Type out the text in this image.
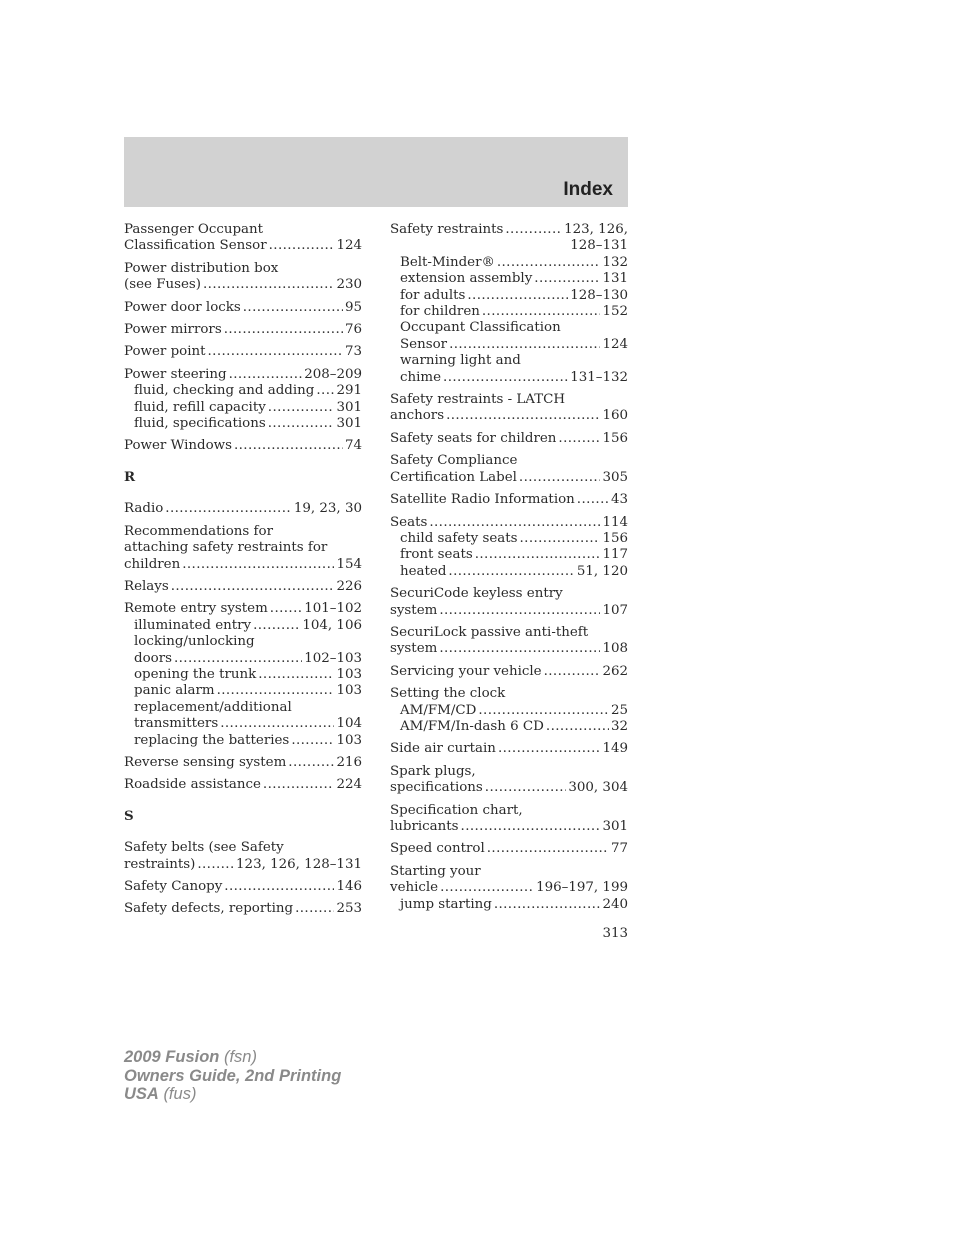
Index
Passenger Occupant
Classification Sensor .....	124
Power distribution box
(see Fuses) .....	230
Power door locks .....	95
Power mirrors .....	76
Power point .....	73
Power steering .....	208–209
fluid, checking and adding ..... 291
fluid, refill capacity .....	301
fluid, specifications .....	301
Power Windows .....	74
R
Radio .....	19, 23, 30
Recommendations for
attaching safety restraints for
children .....	154
Relays .....	226
Remote entry system .....	101–102
illuminated entry .....	104, 106
locking/unlocking
doors .....	102–103
opening the trunk .....	103
panic alarm .....	103
replacement/additional
transmitters .....	104
replacing the batteries .....	103
Reverse sensing system .....	216
Roadside assistance .....	224
S
Safety belts (see Safety
restraints) .....	123, 126, 128–131
Safety Canopy .....	146
Safety defects, reporting .....	253
Safety restraints .....	123, 126,
128–131
Belt-Minder® .....	132
extension assembly .....	131
for adults .....	128–130
for children .....	152
Occupant Classification
Sensor .....	124
warning light and
chime .....	131–132
Safety restraints - LATCH
anchors .....	160
Safety seats for children .....	156
Safety Compliance
Certification Label .....	305
Satellite Radio Information .....	43
Seats .....	114
child safety seats .....	156
front seats .....	117
heated .....	51, 120
SecuriCode keyless entry
system .....	107
SecuriLock passive anti-theft
system .....	108
Servicing your vehicle .....	262
Setting the clock
AM/FM/CD .....	25
AM/FM/In-dash 6 CD .....	32
Side air curtain .....	149
Spark plugs,
specifications .....	300, 304
Specification chart,
lubricants .....	301
Speed control .....	77
Starting your
vehicle .....	196–197, 199
jump starting .....	240
313
2009 Fusion (fsn)
Owners Guide, 2nd Printing
USA (fus)
